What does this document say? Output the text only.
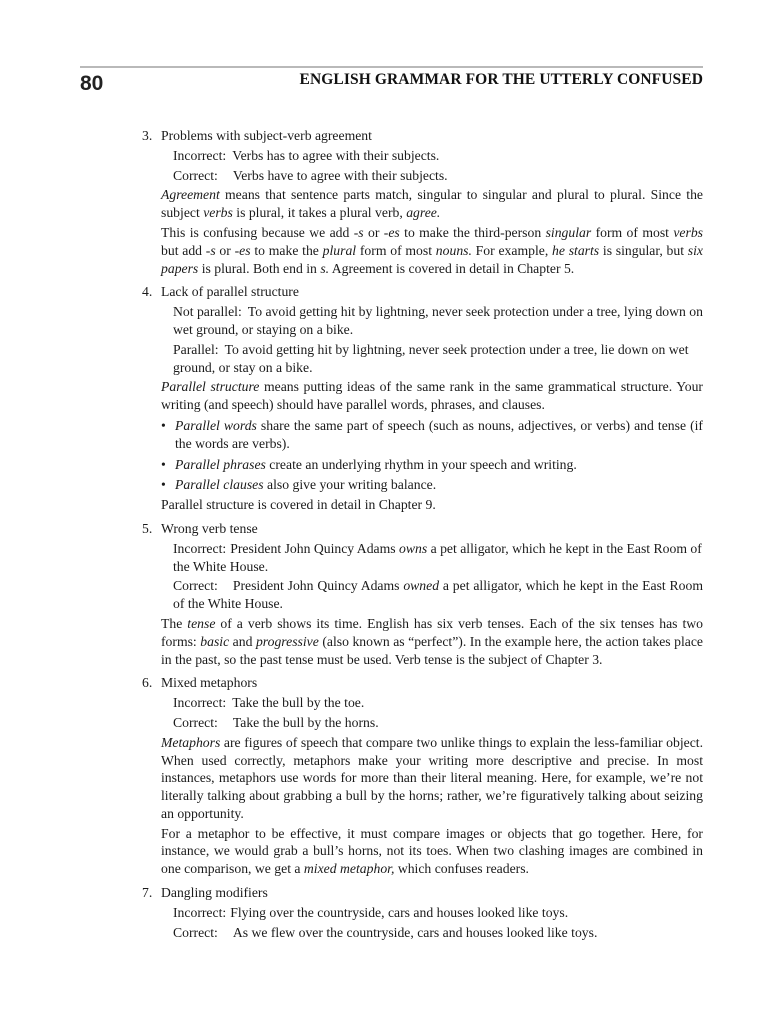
80	ENGLISH GRAMMAR FOR THE UTTERLY CONFUSED
3. Problems with subject-verb agreement
Incorrect: Verbs has to agree with their subjects.
Correct: Verbs have to agree with their subjects.
Agreement means that sentence parts match, singular to singular and plural to plural. Since the subject verbs is plural, it takes a plural verb, agree.
This is confusing because we add -s or -es to make the third-person singular form of most verbs but add -s or -es to make the plural form of most nouns. For example, he starts is singular, but six papers is plural. Both end in s. Agreement is covered in detail in Chapter 5.
4. Lack of parallel structure
Not parallel: To avoid getting hit by lightning, never seek protection under a tree, lying down on wet ground, or staying on a bike.
Parallel: To avoid getting hit by lightning, never seek protection under a tree, lie down on wet ground, or stay on a bike.
Parallel structure means putting ideas of the same rank in the same grammatical structure. Your writing (and speech) should have parallel words, phrases, and clauses.
• Parallel words share the same part of speech (such as nouns, adjectives, or verbs) and tense (if the words are verbs).
• Parallel phrases create an underlying rhythm in your speech and writing.
• Parallel clauses also give your writing balance.
Parallel structure is covered in detail in Chapter 9.
5. Wrong verb tense
Incorrect: President John Quincy Adams owns a pet alligator, which he kept in the East Room of the White House.
Correct: President John Quincy Adams owned a pet alligator, which he kept in the East Room of the White House.
The tense of a verb shows its time. English has six verb tenses. Each of the six tenses has two forms: basic and progressive (also known as “perfect”). In the example here, the action takes place in the past, so the past tense must be used. Verb tense is the subject of Chapter 3.
6. Mixed metaphors
Incorrect: Take the bull by the toe.
Correct: Take the bull by the horns.
Metaphors are figures of speech that compare two unlike things to explain the less-familiar object. When used correctly, metaphors make your writing more descriptive and precise. In most instances, metaphors use words for more than their literal meaning. Here, for example, we’re not literally talking about grabbing a bull by the horns; rather, we’re figuratively talking about seizing an opportunity.
For a metaphor to be effective, it must compare images or objects that go together. Here, for instance, we would grab a bull’s horns, not its toes. When two clashing images are combined in one comparison, we get a mixed metaphor, which confuses readers.
7. Dangling modifiers
Incorrect: Flying over the countryside, cars and houses looked like toys.
Correct: As we flew over the countryside, cars and houses looked like toys.
